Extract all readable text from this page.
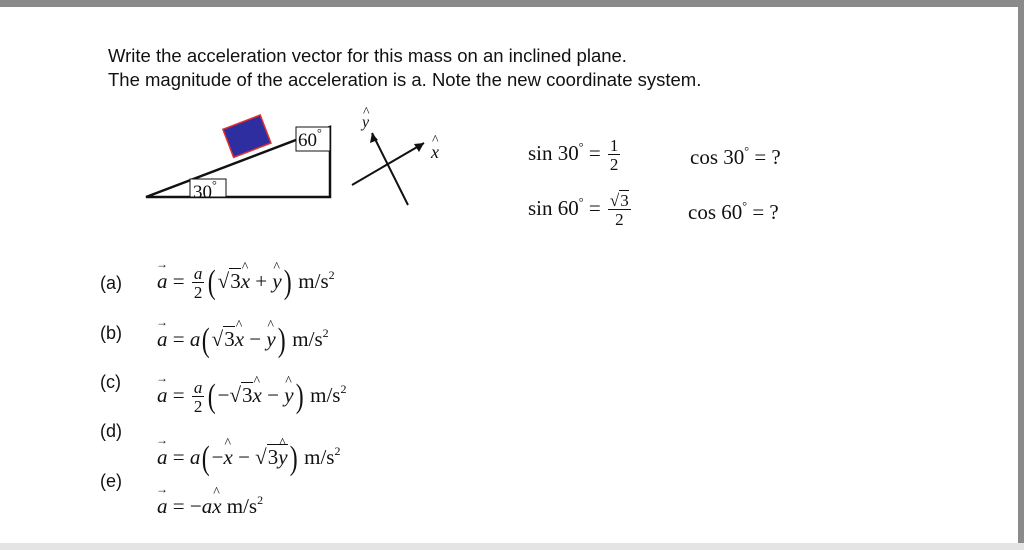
Write the acceleration vector for this mass on an inclined plane.
The magnitude of the acceleration is a. Note the new coordinate system.
60°
30°
x ^
y ^
$\sin 30^\circ = \frac{1}{2}$	cos 30° = ?
$\sin 60^\circ = \frac{√3}{2}$	cos 60° = ?
(a)
(b)
(c)
(d)
(e)
a → = $\frac{a}{2} (√3x$ ^ + y ^) $m/s^2$
a → = a(√3x ^ − y ^) $m/s^2$
a → = $\frac{a}{2} (-√3x$ ^ − y ^) $m/s^2$
a → = a(−x ^ − √3y ^) $m/s^2$
a → = −ax ^ $m/s^2$
